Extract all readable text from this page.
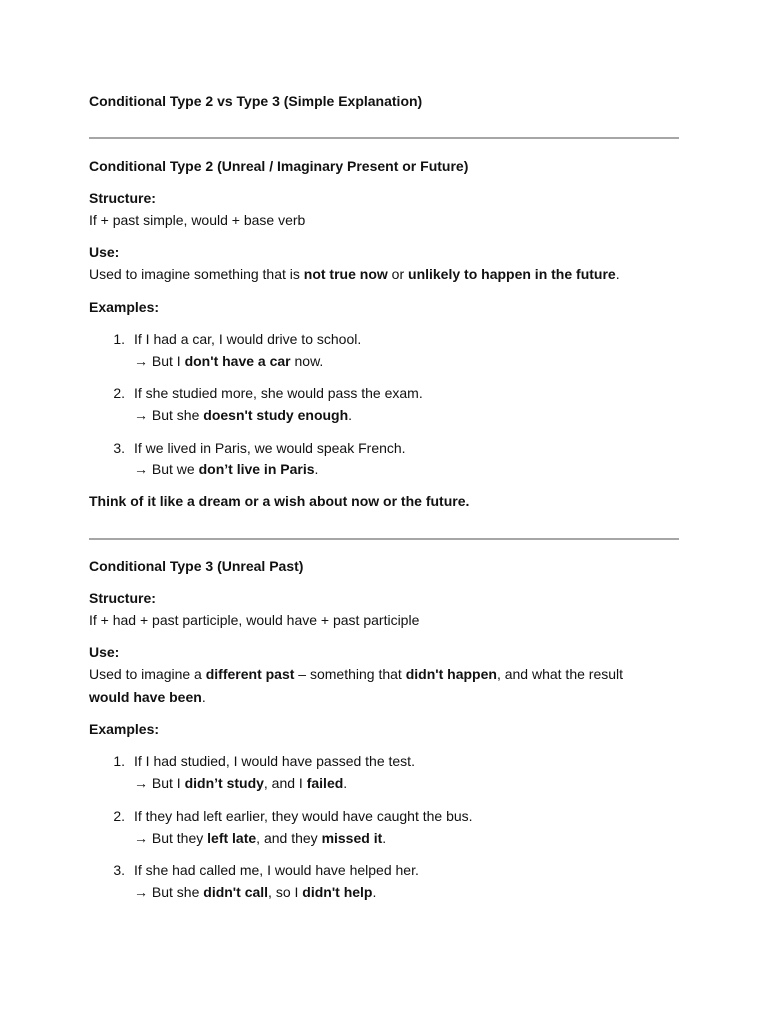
Conditional Type 2 vs Type 3 (Simple Explanation)
Conditional Type 2 (Unreal / Imaginary Present or Future)
Structure:
If + past simple, would + base verb
Use:
Used to imagine something that is not true now or unlikely to happen in the future.
Examples:
1. If I had a car, I would drive to school.
→ But I don't have a car now.
2. If she studied more, she would pass the exam.
→ But she doesn't study enough.
3. If we lived in Paris, we would speak French.
→ But we don’t live in Paris.
Think of it like a dream or a wish about now or the future.
Conditional Type 3 (Unreal Past)
Structure:
If + had + past participle, would have + past participle
Use:
Used to imagine a different past – something that didn't happen, and what the result
would have been.
Examples:
1. If I had studied, I would have passed the test.
→ But I didn’t study, and I failed.
2. If they had left earlier, they would have caught the bus.
→ But they left late, and they missed it.
3. If she had called me, I would have helped her.
→ But she didn't call, so I didn't help.
